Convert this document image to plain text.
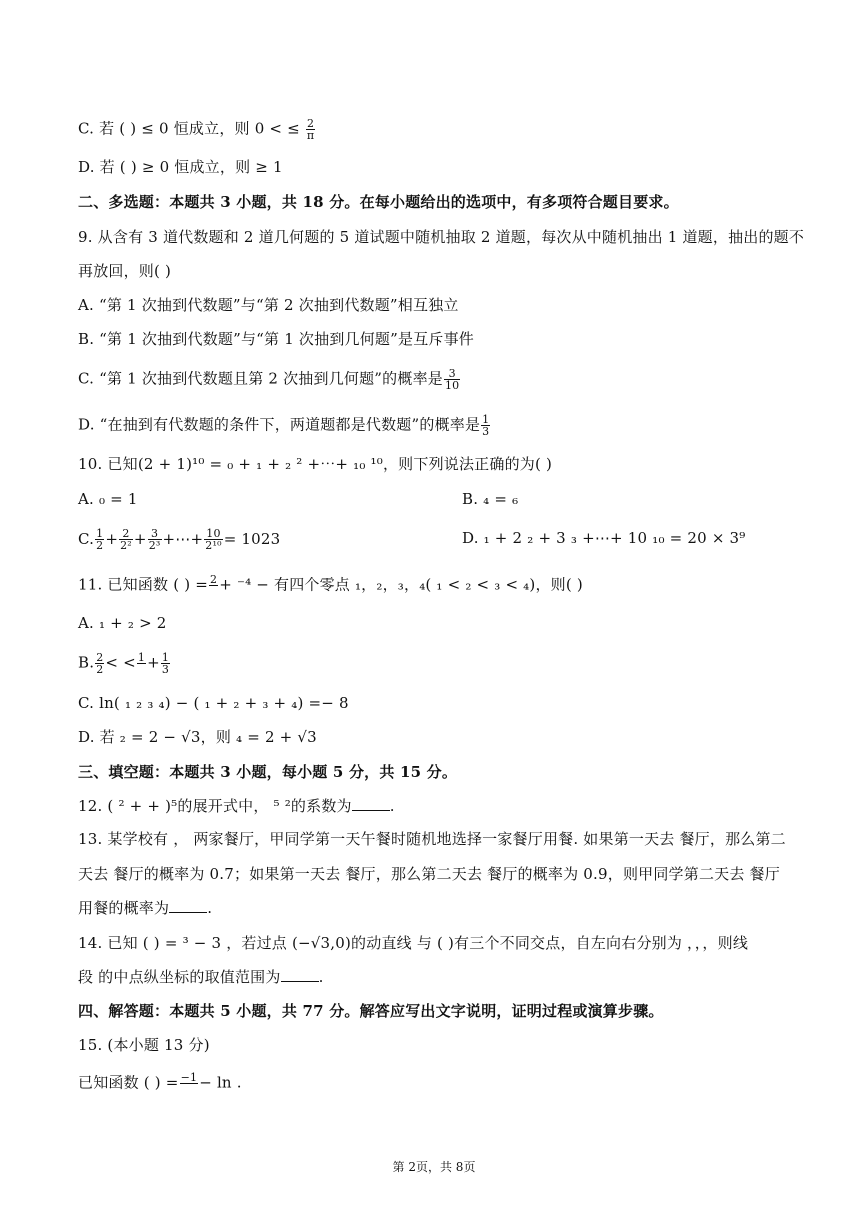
C. 若 ( ) ≤ 0 恒成立，则 0 < ≤ $\frac{2}{\pi}$
D. 若 ( ) ≥ 0 恒成立，则 ≥ 1
二、多选题：本题共 3 小题，共 18 分。在每小题给出的选项中，有多项符合题目要求。
9. 从含有 3 道代数题和 2 道几何题的 5 道试题中随机抽取 2 道题，每次从中随机抽出 1 道题，抽出的题不
再放回，则( )
A. “第 1 次抽到代数题”与“第 2 次抽到代数题”相互独立
B. “第 1 次抽到代数题”与“第 1 次抽到几何题”是互斥事件
C. “第 1 次抽到代数题且第 2 次抽到几何题”的概率是 $\frac{3}{10}$
D. “在抽到有代数题的条件下，两道题都是代数题”的概率是 $\frac{1}{3}$
10. 已知(2 + 1)¹⁰ = ₀ + ₁ + ₂ ² +⋯+ ₁₀ ¹⁰，则下列说法正确的为( )
A. ₀ = 1	B. ₄ = ₆
C. $\frac{1}{2} + \frac{2}{\text{2²}} + \frac{3}{\text{2³}}$ +⋯+ $\frac{10}{\text{2¹⁰}} = 1023$	D. ₁ + 2 ₂ + 3 ₃ +⋯+ 10 ₁₀ = 20 × 3⁹
11. 已知函数 ( ) = 2
+ ⁻⁴ − 有四个零点 ₁，₂，₃，₄( ₁ < ₂ < ₃ < ₄)，则( )
A. ₁ + ₂ > 2
B. $\frac{2}{2}$ < < 1
+ $\frac{1}{3}$
C. ln( ₁ ₂ ₃ ₄) − ( ₁ + ₂ + ₃ + ₄) =− 8
D. 若 ₂ = 2 − √3，则 ₄ = 2 + √3
三、填空题：本题共 3 小题，每小题 5 分，共 15 分。
12. ( ² + + )⁵的展开式中， ⁵ ²的系数为	.
13. 某学校有 ， 两家餐厅，甲同学第一天午餐时随机地选择一家餐厅用餐. 如果第一天去 餐厅，那么第二
天去 餐厅的概率为 0.7；如果第一天去 餐厅，那么第二天去 餐厅的概率为 0.9，则甲同学第二天去 餐厅
用餐的概率为	.
14. 已知 ( ) = ³ − 3 ，若过点 (−√3,0)的动直线 与 ( )有三个不同交点，自左向右分别为 ，，，则线
段 的中点纵坐标的取值范围为	.
四、解答题：本题共 5 小题，共 77 分。解答应写出文字说明，证明过程或演算步骤。
15. (本小题 13 分)
已知函数 ( ) = −1
− ln .
第 2页，共 8页
